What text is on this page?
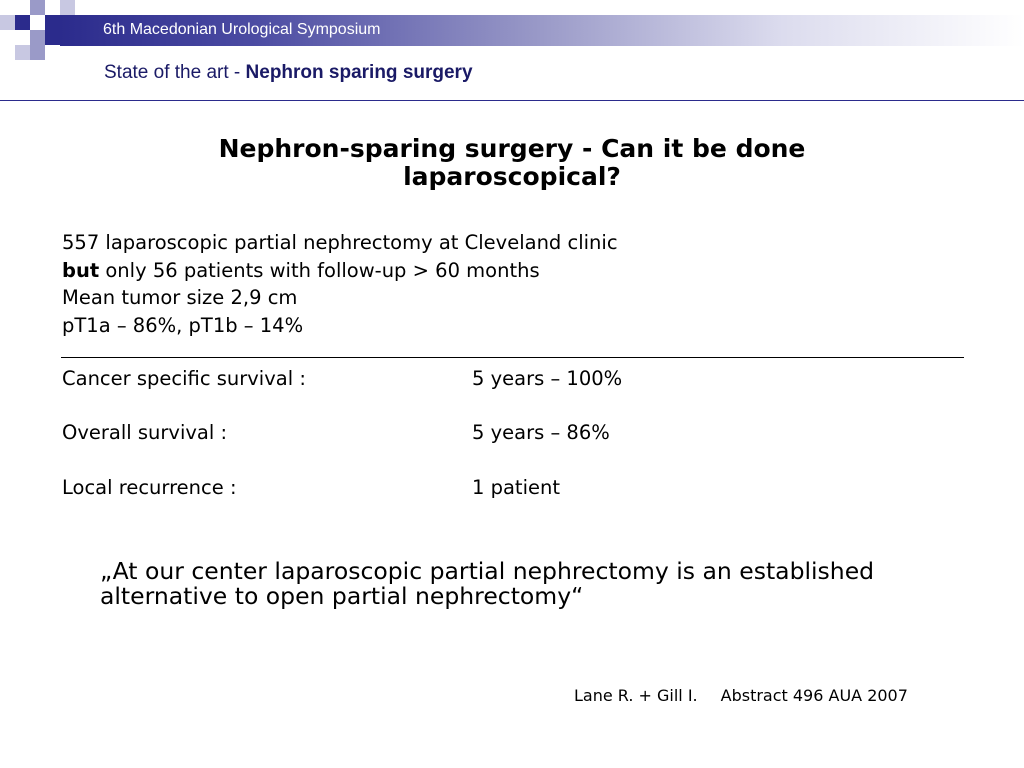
6th Macedonian Urological Symposium
State of the art - Nephron sparing surgery
Nephron-sparing surgery - Can it be done laparoscopical?
557 laparoscopic partial nephrectomy at Cleveland clinic
but only 56 patients with follow-up > 60 months
Mean tumor size 2,9 cm
pT1a – 86%, pT1b – 14%
Cancer specific survival :	5 years – 100%
Overall survival :	5 years – 86%
Local recurrence :	1 patient
„At our center laparoscopic partial nephrectomy is an established alternative to open partial nephrectomy“
Lane R. + Gill I. Abstract 496 AUA 2007
